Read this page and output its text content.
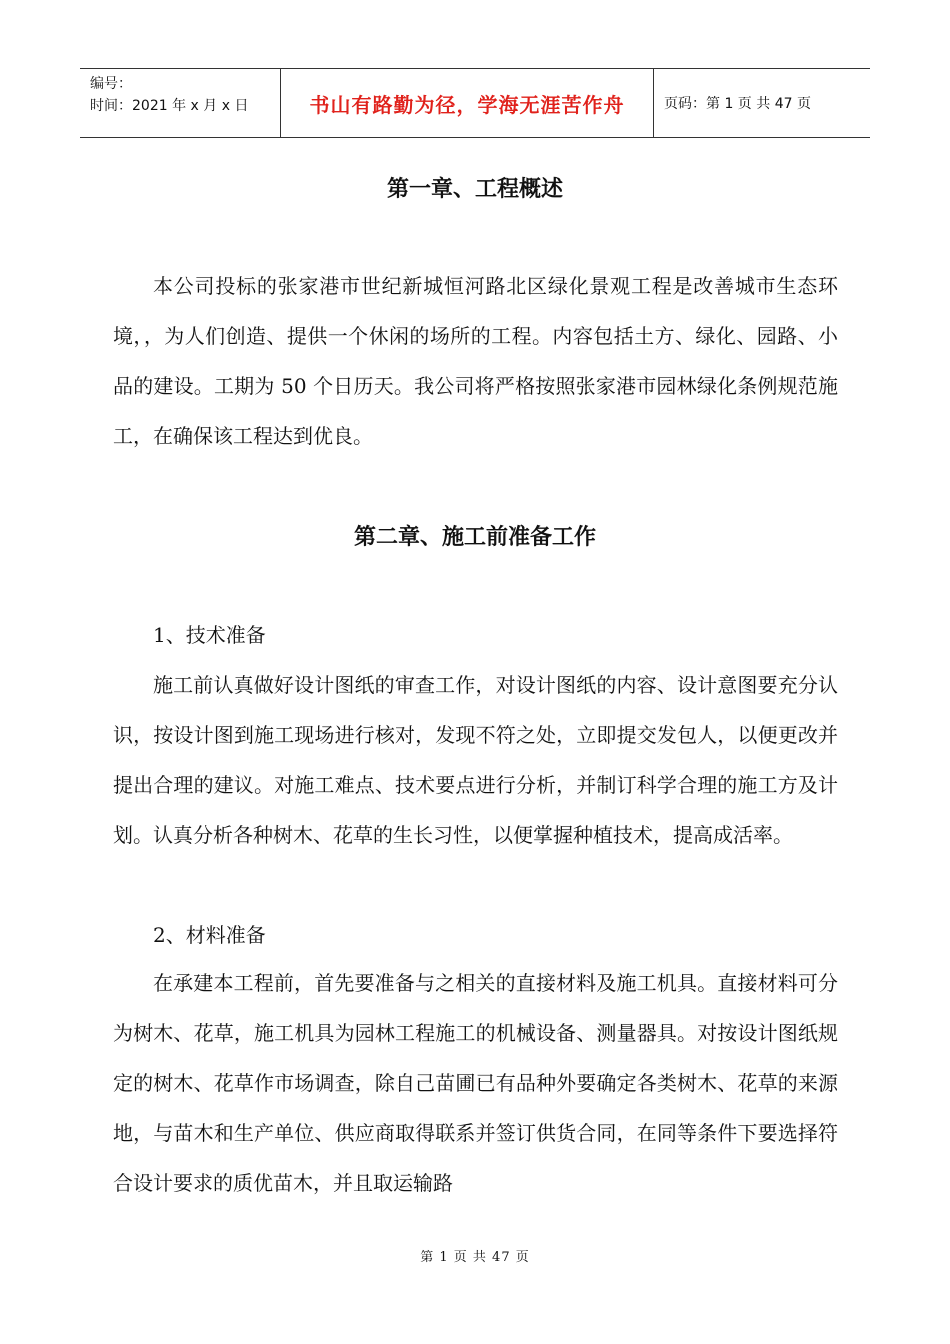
编号：
时间：2021 年 x 月 x 日	书山有路勤为径，学海无涯苦作舟	页码：第 1 页 共 47 页
第一章、工程概述

本公司投标的张家港市世纪新城恒河路北区绿化景观工程是改善城市生态环境，，为人们创造、提供一个休闲的场所的工程。内容包括土方、绿化、园路、小品的建设。工期为 50 个日历天。我公司将严格按照张家港市园林绿化条例规范施工，在确保该工程达到优良。

第二章、施工前准备工作

1、技术准备

施工前认真做好设计图纸的审查工作，对设计图纸的内容、设计意图要充分认识，按设计图到施工现场进行核对，发现不符之处，立即提交发包人，以便更改并提出合理的建议。对施工难点、技术要点进行分析，并制订科学合理的施工方及计划。认真分析各种树木、花草的生长习性，以便掌握种植技术，提高成活率。

2、材料准备

在承建本工程前，首先要准备与之相关的直接材料及施工机具。直接材料可分为树木、花草，施工机具为园林工程施工的机械设备、测量器具。对按设计图纸规定的树木、花草作市场调查，除自己苗圃已有品种外要确定各类树木、花草的来源地，与苗木和生产单位、供应商取得联系并签订供货合同，在同等条件下要选择符合设计要求的质优苗木，并且取运输路

第 1 页 共 47 页
